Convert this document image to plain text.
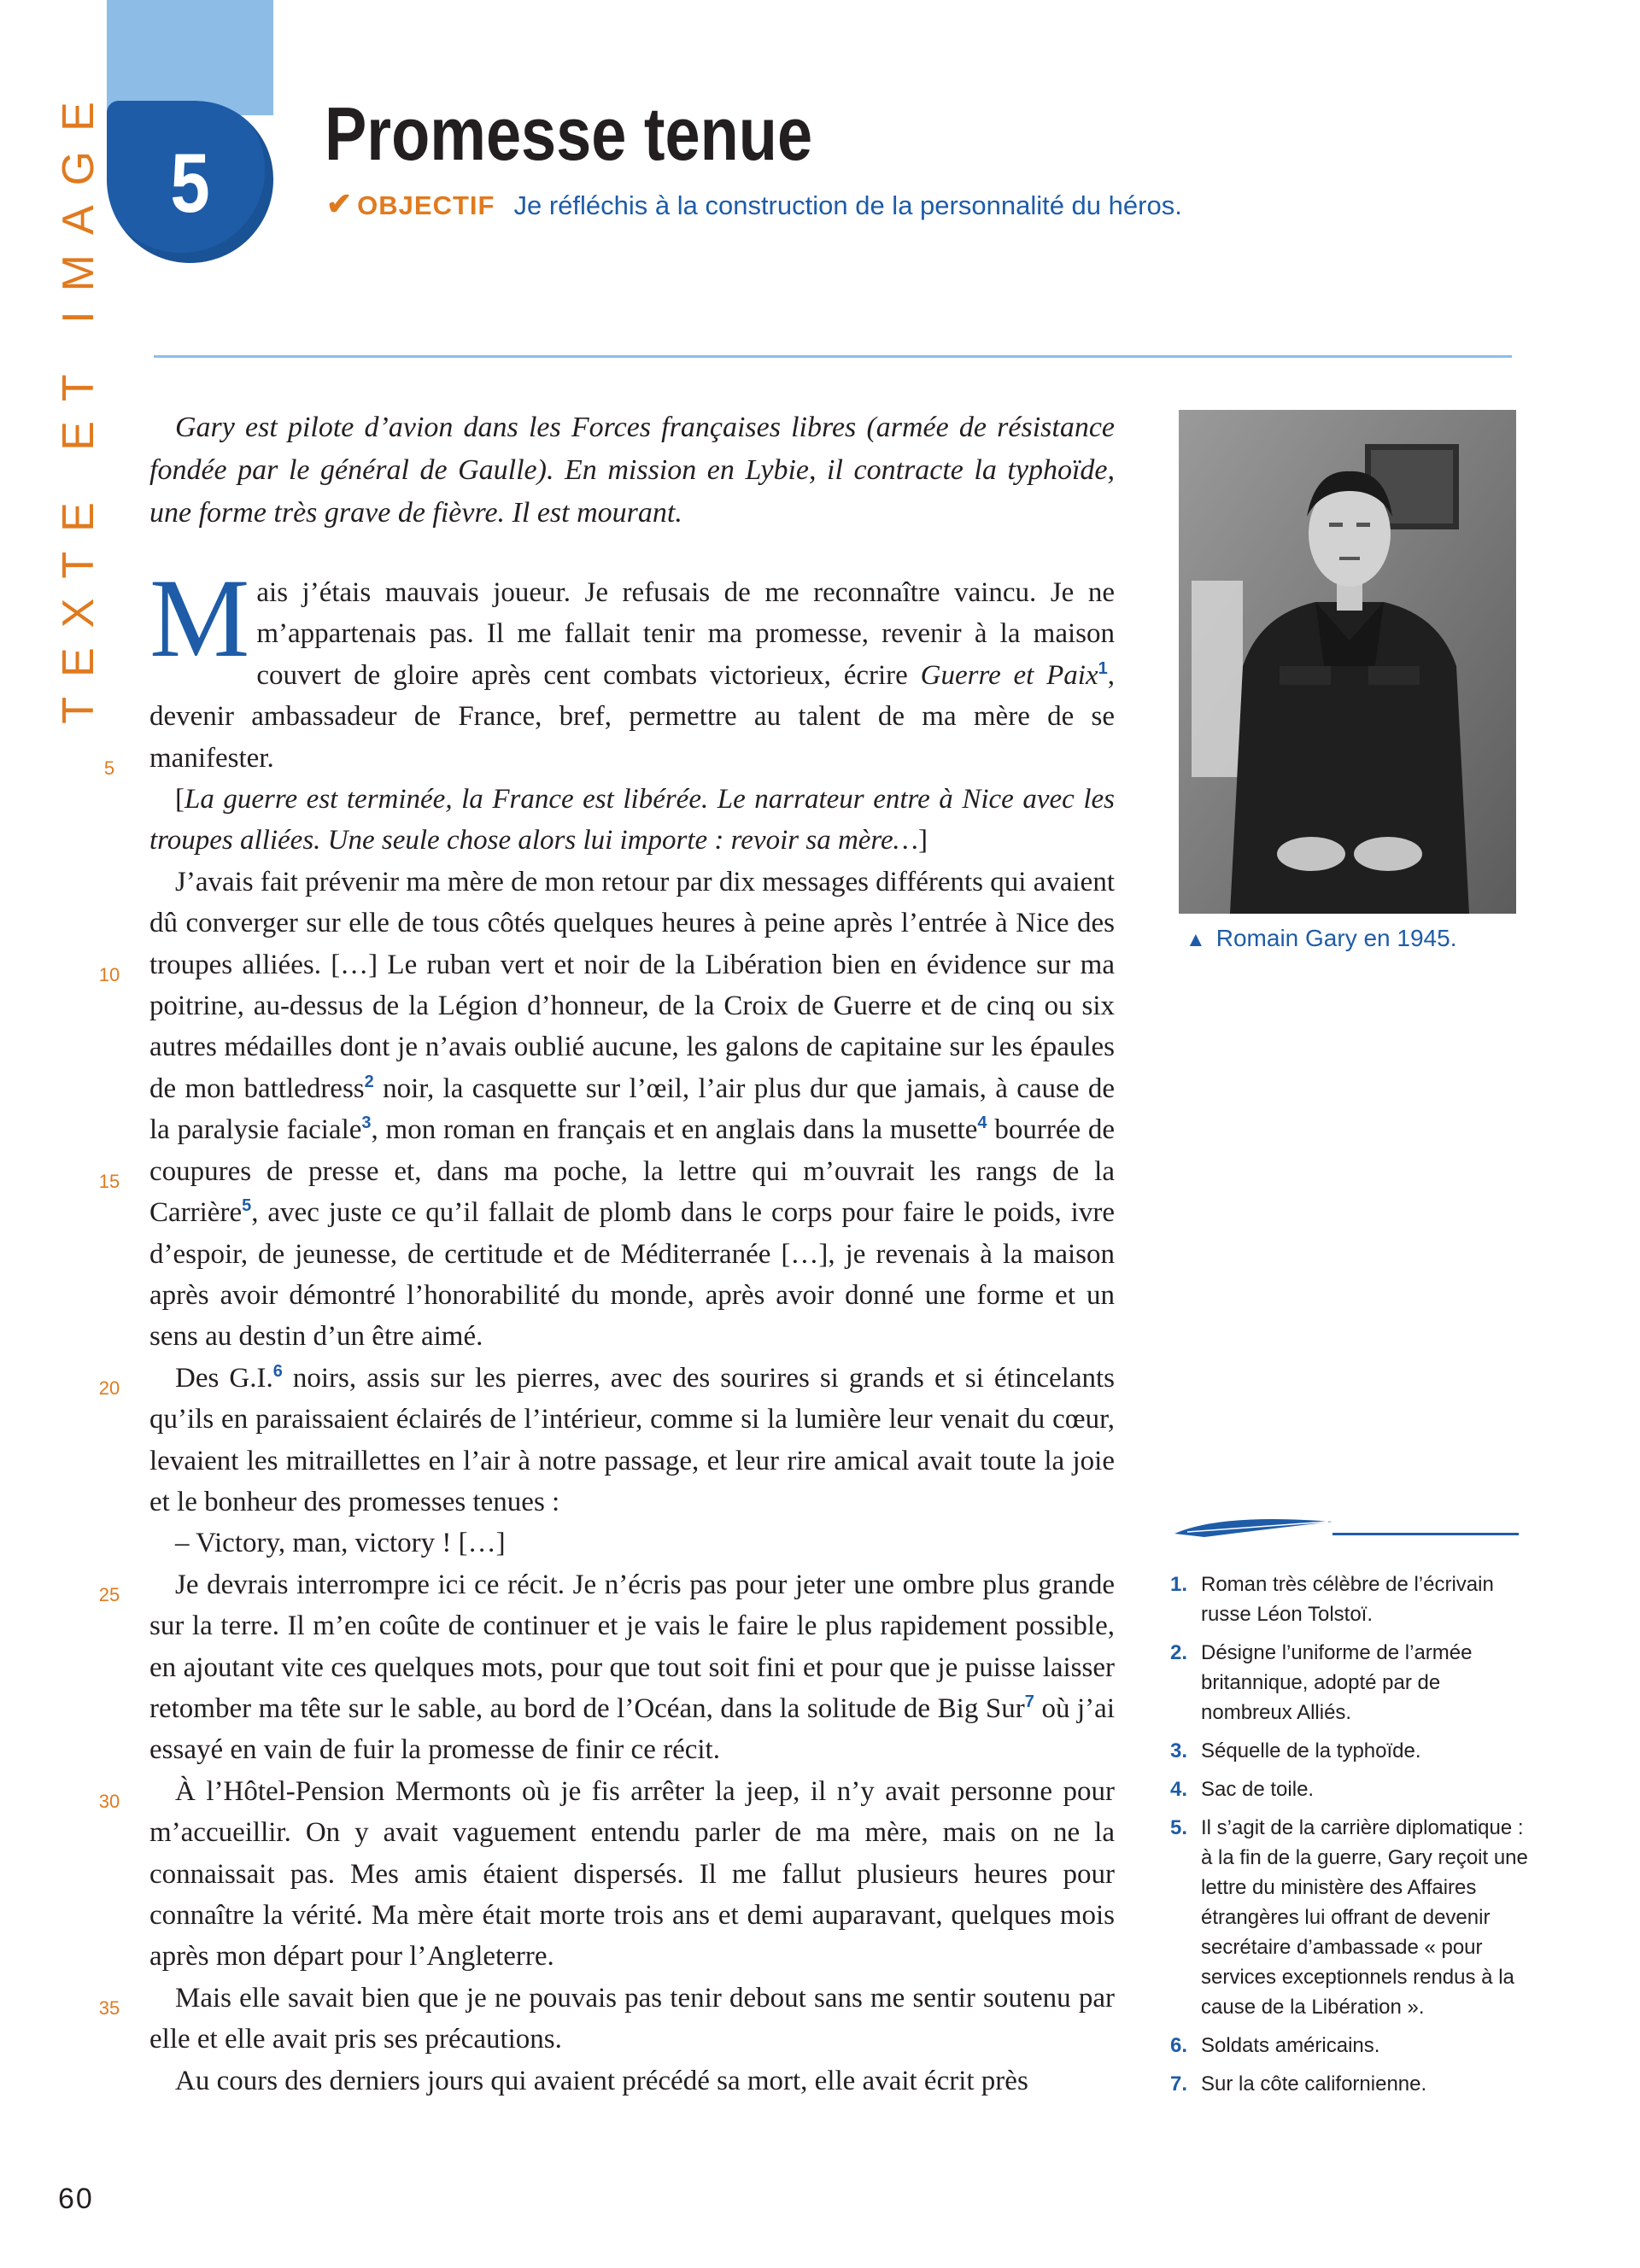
TEXTE ET IMAGE 5
Promesse tenue
✔ OBJECTIF Je réfléchis à la construction de la personnalité du héros.

Gary est pilote d’avion dans les Forces françaises libres (armée de résistance fondée par le général de Gaulle). En mission en Lybie, il contracte la typhoïde, une forme très grave de fièvre. Il est mourant.

Mais j’étais mauvais joueur. Je refusais de me reconnaître vaincu. Je ne m’appartenais pas. Il me fallait tenir ma promesse, revenir à la maison couvert de gloire après cent combats victorieux, écrire Guerre et Paix$^1$, devenir ambassadeur de France, bref, permettre au talent de ma mère de se manifester.

[La guerre est terminée, la France est libérée. Le narrateur entre à Nice avec les troupes alliées. Une seule chose alors lui importe : revoir sa mère…]

J’avais fait prévenir ma mère de mon retour par dix messages différents qui avaient dû converger sur elle de tous côtés quelques heures à peine après l’entrée à Nice des troupes alliées. […] Le ruban vert et noir de la Libération bien en évidence sur ma poitrine, au-dessus de la Légion d’honneur, de la Croix de Guerre et de cinq ou six autres médailles dont je n’avais oublié aucune, les galons de capitaine sur les épaules de mon battledress$^2$ noir, la casquette sur l’œil, l’air plus dur que jamais, à cause de la paralysie faciale$^3$, mon roman en français et en anglais dans la musette$^4$ bourrée de coupures de presse et, dans ma poche, la lettre qui m’ouvrait les rangs de la Carrière$^5$, avec juste ce qu’il fallait de plomb dans le corps pour faire le poids, ivre d’espoir, de jeunesse, de certitude et de Méditerranée […], je revenais à la maison après avoir démontré l’honorabilité du monde, après avoir donné une forme et un sens au destin d’un être aimé.

Des G.I.$^6$ noirs, assis sur les pierres, avec des sourires si grands et si étincelants qu’ils en paraissaient éclairés de l’intérieur, comme si la lumière leur venait du cœur, levaient les mitraillettes en l’air à notre passage, et leur rire amical avait toute la joie et le bonheur des promesses tenues :

– Victory, man, victory ! […]

Je devrais interrompre ici ce récit. Je n’écris pas pour jeter une ombre plus grande sur la terre. Il m’en coûte de continuer et je vais le faire le plus rapidement possible, en ajoutant vite ces quelques mots, pour que tout soit fini et pour que je puisse laisser retomber ma tête sur le sable, au bord de l’Océan, dans la solitude de Big Sur$^7$ où j’ai essayé en vain de fuir la promesse de finir ce récit.

À l’Hôtel-Pension Mermonts où je fis arrêter la jeep, il n’y avait personne pour m’accueillir. On y avait vaguement entendu parler de ma mère, mais on ne la connaissait pas. Mes amis étaient dispersés. Il me fallut plusieurs heures pour connaître la vérité. Ma mère était morte trois ans et demi auparavant, quelques mois après mon départ pour l’Angleterre.

Mais elle savait bien que je ne pouvais pas tenir debout sans me sentir soutenu par elle et elle avait pris ses précautions.

Au cours des derniers jours qui avaient précédé sa mort, elle avait écrit près

5
10
15
20
25
30
35
▲ Romain Gary en 1945.
1. Roman très célèbre de l’écrivain russe Léon Tolstoï.
2. Désigne l’uniforme de l’armée britannique, adopté par de nombreux Alliés.
3. Séquelle de la typhoïde.
4. Sac de toile.
5. Il s’agit de la carrière diplomatique : à la fin de la guerre, Gary reçoit une lettre du ministère des Affaires étrangères lui offrant de devenir secrétaire d’ambassade « pour services exceptionnels rendus à la cause de la Libération ».
6. Soldats américains.
7. Sur la côte californienne.
60
